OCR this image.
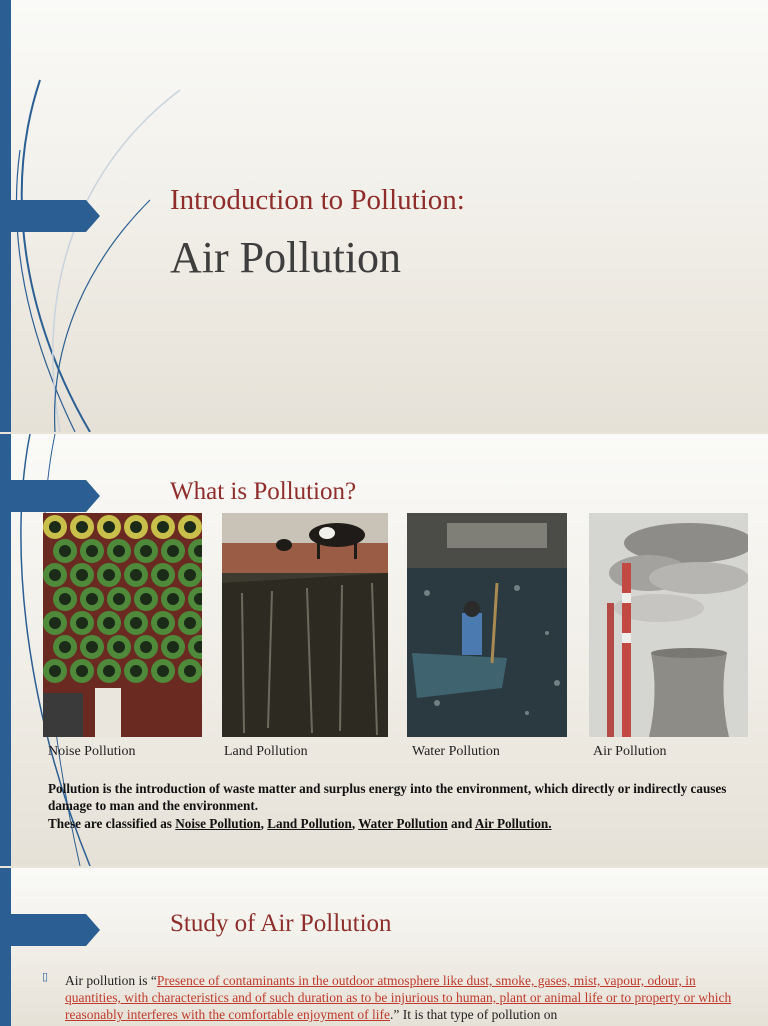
Introduction to Pollution:
Air Pollution
What is Pollution?
Noise Pollution	Land Pollution	Water Pollution	Air Pollution
Pollution is the introduction of waste matter and surplus energy into the environment, which directly or indirectly causes damage to man and the environment.
These are classified as Noise Pollution, Land Pollution, Water Pollution and Air Pollution.
Study of Air Pollution
▯ Air pollution is “Presence of contaminants in the outdoor atmosphere like dust, smoke, gases, mist, vapour, odour, in quantities, with characteristics and of such duration as to be injurious to human, plant or animal life or to property or which reasonably interferes with the comfortable enjoyment of life.” It is that type of pollution on
